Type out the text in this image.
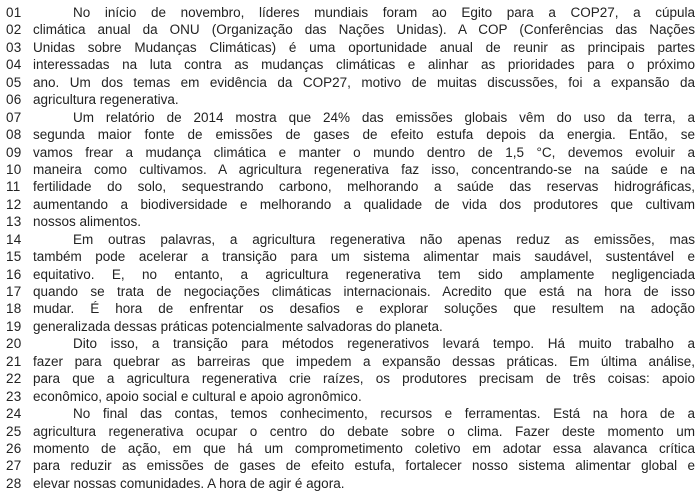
01	No início de novembro, líderes mundiais foram ao Egito para a COP27, a cúpula
02 climática anual da ONU (Organização das Nações Unidas). A COP (Conferências das Nações
03 Unidas sobre Mudanças Climáticas) é uma oportunidade anual de reunir as principais partes
04 interessadas na luta contra as mudanças climáticas e alinhar as prioridades para o próximo
05 ano. Um dos temas em evidência da COP27, motivo de muitas discussões, foi a expansão da
06 agricultura regenerativa.
07	Um relatório de 2014 mostra que 24% das emissões globais vêm do uso da terra, a
08 segunda maior fonte de emissões de gases de efeito estufa depois da energia. Então, se
09 vamos frear a mudança climática e manter o mundo dentro de 1,5 °C, devemos evoluir a
10 maneira como cultivamos. A agricultura regenerativa faz isso, concentrando-se na saúde e na
11 fertilidade do solo, sequestrando carbono, melhorando a saúde das reservas hidrográficas,
12 aumentando a biodiversidade e melhorando a qualidade de vida dos produtores que cultivam
13 nossos alimentos.
14	Em outras palavras, a agricultura regenerativa não apenas reduz as emissões, mas
15 também pode acelerar a transição para um sistema alimentar mais saudável, sustentável e
16 equitativo. E, no entanto, a agricultura regenerativa tem sido amplamente negligenciada
17 quando se trata de negociações climáticas internacionais. Acredito que está na hora de isso
18 mudar. É hora de enfrentar os desafios e explorar soluções que resultem na adoção
19 generalizada dessas práticas potencialmente salvadoras do planeta.
20	Dito isso, a transição para métodos regenerativos levará tempo. Há muito trabalho a
21 fazer para quebrar as barreiras que impedem a expansão dessas práticas. Em última análise,
22 para que a agricultura regenerativa crie raízes, os produtores precisam de três coisas: apoio
23 econômico, apoio social e cultural e apoio agronômico.
24	No final das contas, temos conhecimento, recursos e ferramentas. Está na hora de a
25 agricultura regenerativa ocupar o centro do debate sobre o clima. Fazer deste momento um
26 momento de ação, em que há um comprometimento coletivo em adotar essa alavanca crítica
27 para reduzir as emissões de gases de efeito estufa, fortalecer nosso sistema alimentar global e
28 elevar nossas comunidades. A hora de agir é agora.
